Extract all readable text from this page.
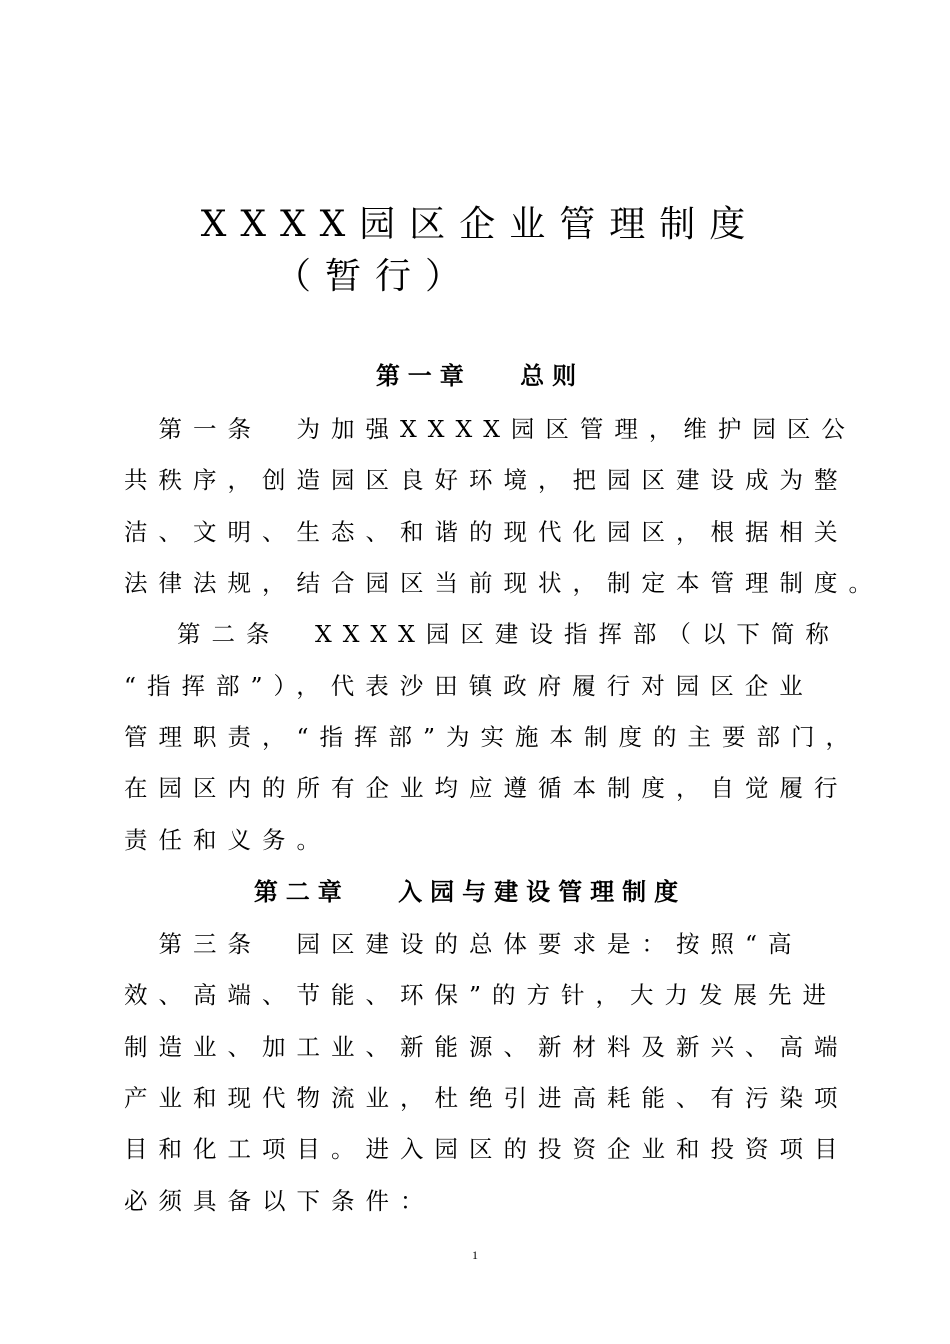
XXXX园区企业管理制度
（暂行）
第一章　 总则
　第一条　为加强XXXX园区管理，维护园区公
共秩序，创造园区良好环境，把园区建设成为整
洁、文明、生态、和谐的现代化园区，根据相关
法律法规，结合园区当前现状，制定本管理制度。
　 第二条　XXXX园区建设指挥部（以下简称
“指挥部”），代表沙田镇政府履行对园区企业
管理职责，“指挥部”为实施本制度的主要部门，
在园区内的所有企业均应遵循本制度，自觉履行
责任和义务。
第二章　 入园与建设管理制度
　第三条　园区建设的总体要求是：按照“高
效、高端、节能、环保”的方针，大力发展先进
制造业、加工业、新能源、新材料及新兴、高端
产业和现代物流业，杜绝引进高耗能、有污染项
目和化工项目。进入园区的投资企业和投资项目
必须具备以下条件：
1
